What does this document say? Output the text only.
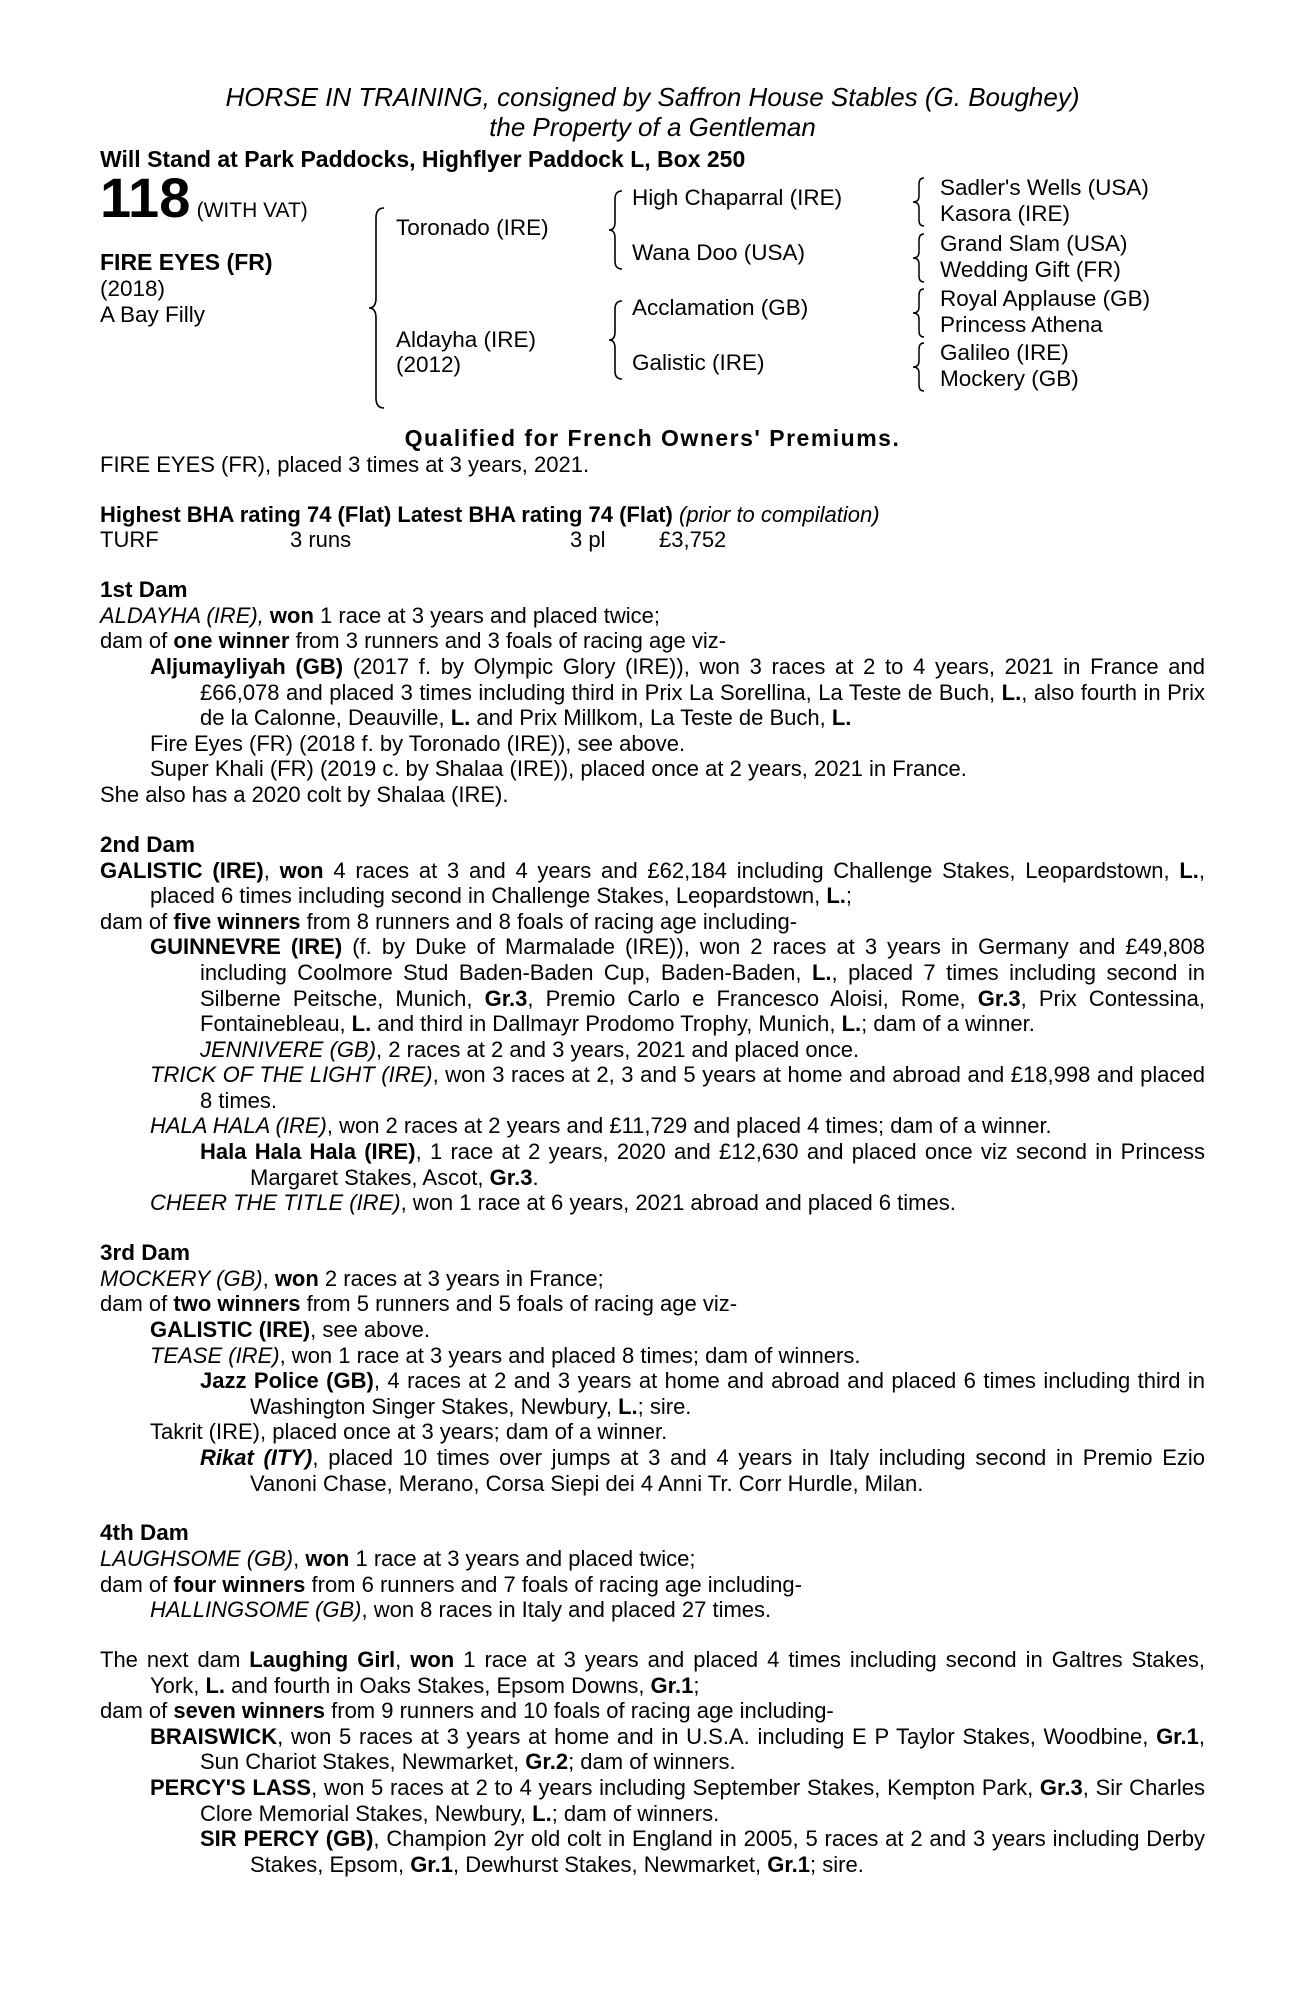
HORSE IN TRAINING, consigned by Saffron House Stables (G. Boughey)
the Property of a Gentleman
Will Stand at Park Paddocks, Highflyer Paddock L, Box 250
118 (WITH VAT)
FIRE EYES (FR)
(2018)
A Bay Filly
Toronado (IRE)
Aldayha (IRE)
(2012)
High Chaparral (IRE)
Wana Doo (USA)
Acclamation (GB)
Galistic (IRE)
Sadler's Wells (USA)
Kasora (IRE)
Grand Slam (USA)
Wedding Gift (FR)
Royal Applause (GB)
Princess Athena
Galileo (IRE)
Mockery (GB)
Qualified for French Owners' Premiums.
FIRE EYES (FR), placed 3 times at 3 years, 2021.
Highest BHA rating 74 (Flat) Latest BHA rating 74 (Flat) (prior to compilation)
TURF	3 runs	3 pl £3,752
1st Dam
ALDAYHA (IRE), won 1 race at 3 years and placed twice;
dam of one winner from 3 runners and 3 foals of racing age viz-
Aljumayliyah (GB) (2017 f. by Olympic Glory (IRE)), won 3 races at 2 to 4 years, 2021 in France and £66,078 and placed 3 times including third in Prix La Sorellina, La Teste de Buch, L., also fourth in Prix de la Calonne, Deauville, L. and Prix Millkom, La Teste de Buch, L.
Fire Eyes (FR) (2018 f. by Toronado (IRE)), see above.
Super Khali (FR) (2019 c. by Shalaa (IRE)), placed once at 2 years, 2021 in France.
She also has a 2020 colt by Shalaa (IRE).
2nd Dam
GALISTIC (IRE), won 4 races at 3 and 4 years and £62,184 including Challenge Stakes, Leopardstown, L., placed 6 times including second in Challenge Stakes, Leopardstown, L.;
dam of five winners from 8 runners and 8 foals of racing age including-
GUINNEVRE (IRE) (f. by Duke of Marmalade (IRE)), won 2 races at 3 years in Germany and £49,808 including Coolmore Stud Baden-Baden Cup, Baden-Baden, L., placed 7 times including second in Silberne Peitsche, Munich, Gr.3, Premio Carlo e Francesco Aloisi, Rome, Gr.3, Prix Contessina, Fontainebleau, L. and third in Dallmayr Prodomo Trophy, Munich, L.; dam of a winner.
JENNIVERE (GB), 2 races at 2 and 3 years, 2021 and placed once.
TRICK OF THE LIGHT (IRE), won 3 races at 2, 3 and 5 years at home and abroad and £18,998 and placed 8 times.
HALA HALA (IRE), won 2 races at 2 years and £11,729 and placed 4 times; dam of a winner.
Hala Hala Hala (IRE), 1 race at 2 years, 2020 and £12,630 and placed once viz second in Princess Margaret Stakes, Ascot, Gr.3.
CHEER THE TITLE (IRE), won 1 race at 6 years, 2021 abroad and placed 6 times.
3rd Dam
MOCKERY (GB), won 2 races at 3 years in France;
dam of two winners from 5 runners and 5 foals of racing age viz-
GALISTIC (IRE), see above.
TEASE (IRE), won 1 race at 3 years and placed 8 times; dam of winners.
Jazz Police (GB), 4 races at 2 and 3 years at home and abroad and placed 6 times including third in Washington Singer Stakes, Newbury, L.; sire.
Takrit (IRE), placed once at 3 years; dam of a winner.
Rikat (ITY), placed 10 times over jumps at 3 and 4 years in Italy including second in Premio Ezio Vanoni Chase, Merano, Corsa Siepi dei 4 Anni Tr. Corr Hurdle, Milan.
4th Dam
LAUGHSOME (GB), won 1 race at 3 years and placed twice;
dam of four winners from 6 runners and 7 foals of racing age including-
HALLINGSOME (GB), won 8 races in Italy and placed 27 times.
The next dam Laughing Girl, won 1 race at 3 years and placed 4 times including second in Galtres Stakes, York, L. and fourth in Oaks Stakes, Epsom Downs, Gr.1;
dam of seven winners from 9 runners and 10 foals of racing age including-
BRAISWICK, won 5 races at 3 years at home and in U.S.A. including E P Taylor Stakes, Woodbine, Gr.1, Sun Chariot Stakes, Newmarket, Gr.2; dam of winners.
PERCY'S LASS, won 5 races at 2 to 4 years including September Stakes, Kempton Park, Gr.3, Sir Charles Clore Memorial Stakes, Newbury, L.; dam of winners.
SIR PERCY (GB), Champion 2yr old colt in England in 2005, 5 races at 2 and 3 years including Derby Stakes, Epsom, Gr.1, Dewhurst Stakes, Newmarket, Gr.1; sire.
